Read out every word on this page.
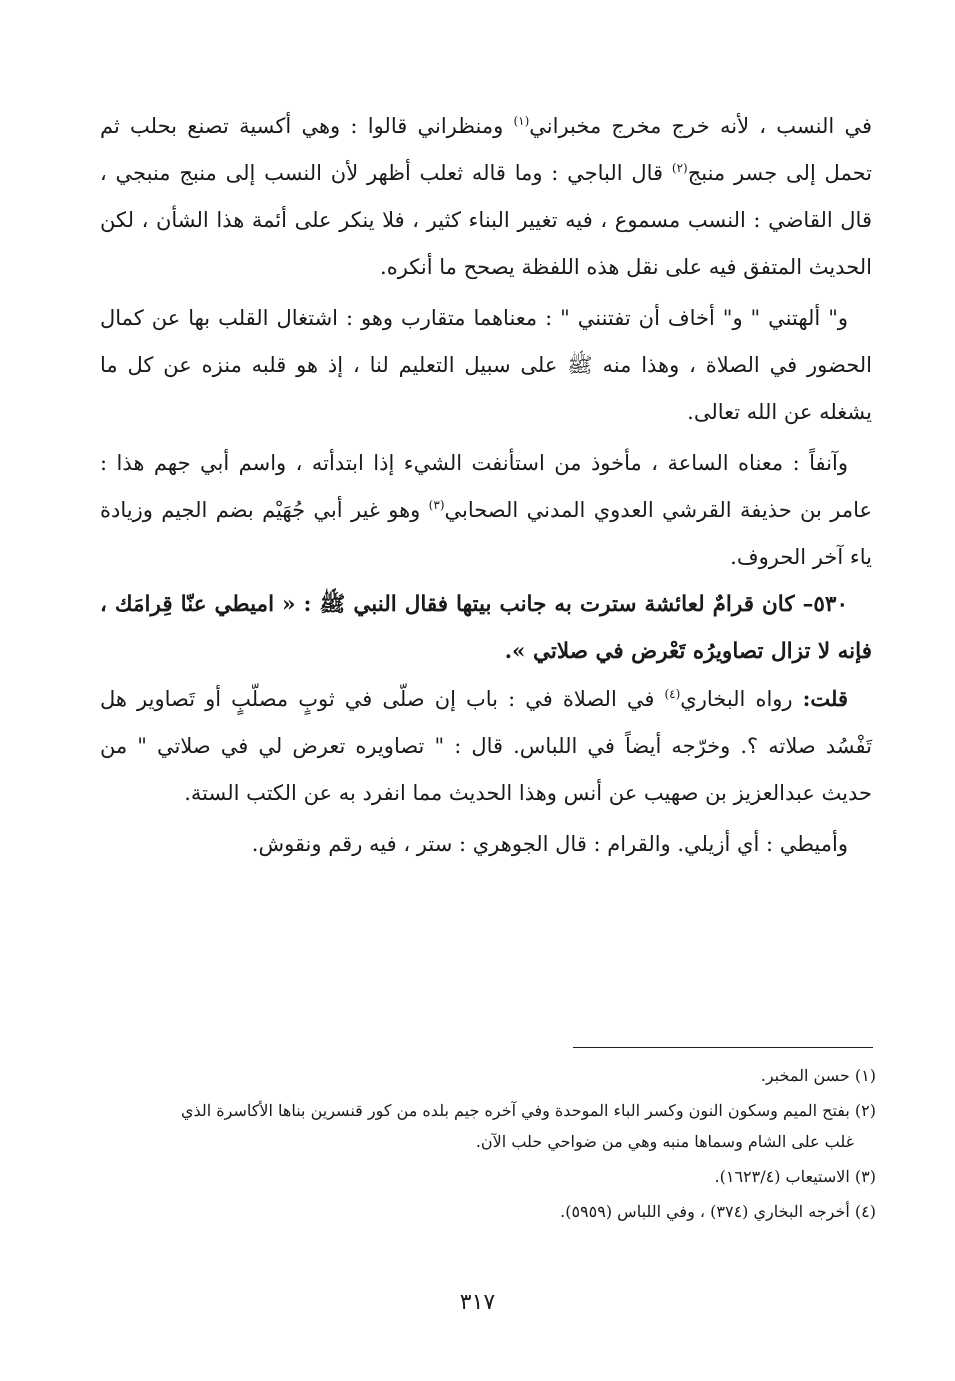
في النسب ، لأنه خرج مخرج مخبراني$^{(١)}$ ومنظراني قالوا : وهي أكسية تصنع بحلب ثم تحمل إلى جسر منبج$^{(٢)}$ قال الباجي : وما قاله ثعلب أظهر لأن النسب إلى منبج منبجي ، قال القاضي : النسب مسموع ، فيه تغيير البناء كثير ، فلا ينكر على أئمة هذا الشأن ، لكن الحديث المتفق فيه على نقل هذه اللفظة يصحح ما أنكره.

و" ألهتني " و" أخاف أن تفتنني " : معناهما متقارب وهو : اشتغال القلب بها عن كمال الحضور في الصلاة ، وهذا منه ﷺ على سبيل التعليم لنا ، إذ هو قلبه منزه عن كل ما يشغله عن الله تعالى.

وآنفاً : معناه الساعة ، مأخوذ من استأنفت الشيء إذا ابتدأته ، واسم أبي جهم هذا : عامر بن حذيفة القرشي العدوي المدني الصحابي$^{(٣)}$ وهو غير أبي جُهَيْم بضم الجيم وزيادة ياء آخر الحروف.

٥٣٠– كان قرامٌ لعائشة سترت به جانب بيتها فقال النبي ﷺ : « اميطي عنّا قِرامَك ، فإنه لا تزال تصاويرُه تَعْرض في صلاتي ».

قلت: رواه البخاري$^{(٤)}$ في الصلاة في : باب إن صلّى في ثوبٍ مصلّبٍ أو تَصاوير هل تَفْسُد صلاته ؟. وخرّجه أيضاً في اللباس. قال : " تصاويره تعرض لي في صلاتي " من حديث عبدالعزيز بن صهيب عن أنس وهذا الحديث مما انفرد به عن الكتب الستة.

وأميطي : أي أزيلي. والقرام : قال الجوهري : ستر ، فيه رقم ونقوش.

(١) حسن المخبر.

(٢) بفتح الميم وسكون النون وكسر الباء الموحدة وفي آخره جيم بلده من كور قنسرين بناها الأكاسرة الذي

غلب على الشام وسماها منبه وهي من ضواحي حلب الآن.

(٣) الاستيعاب (١٦٢٣/٤).

(٤) أخرجه البخاري (٣٧٤) ، وفي اللباس (٥٩٥٩).

٣١٧
